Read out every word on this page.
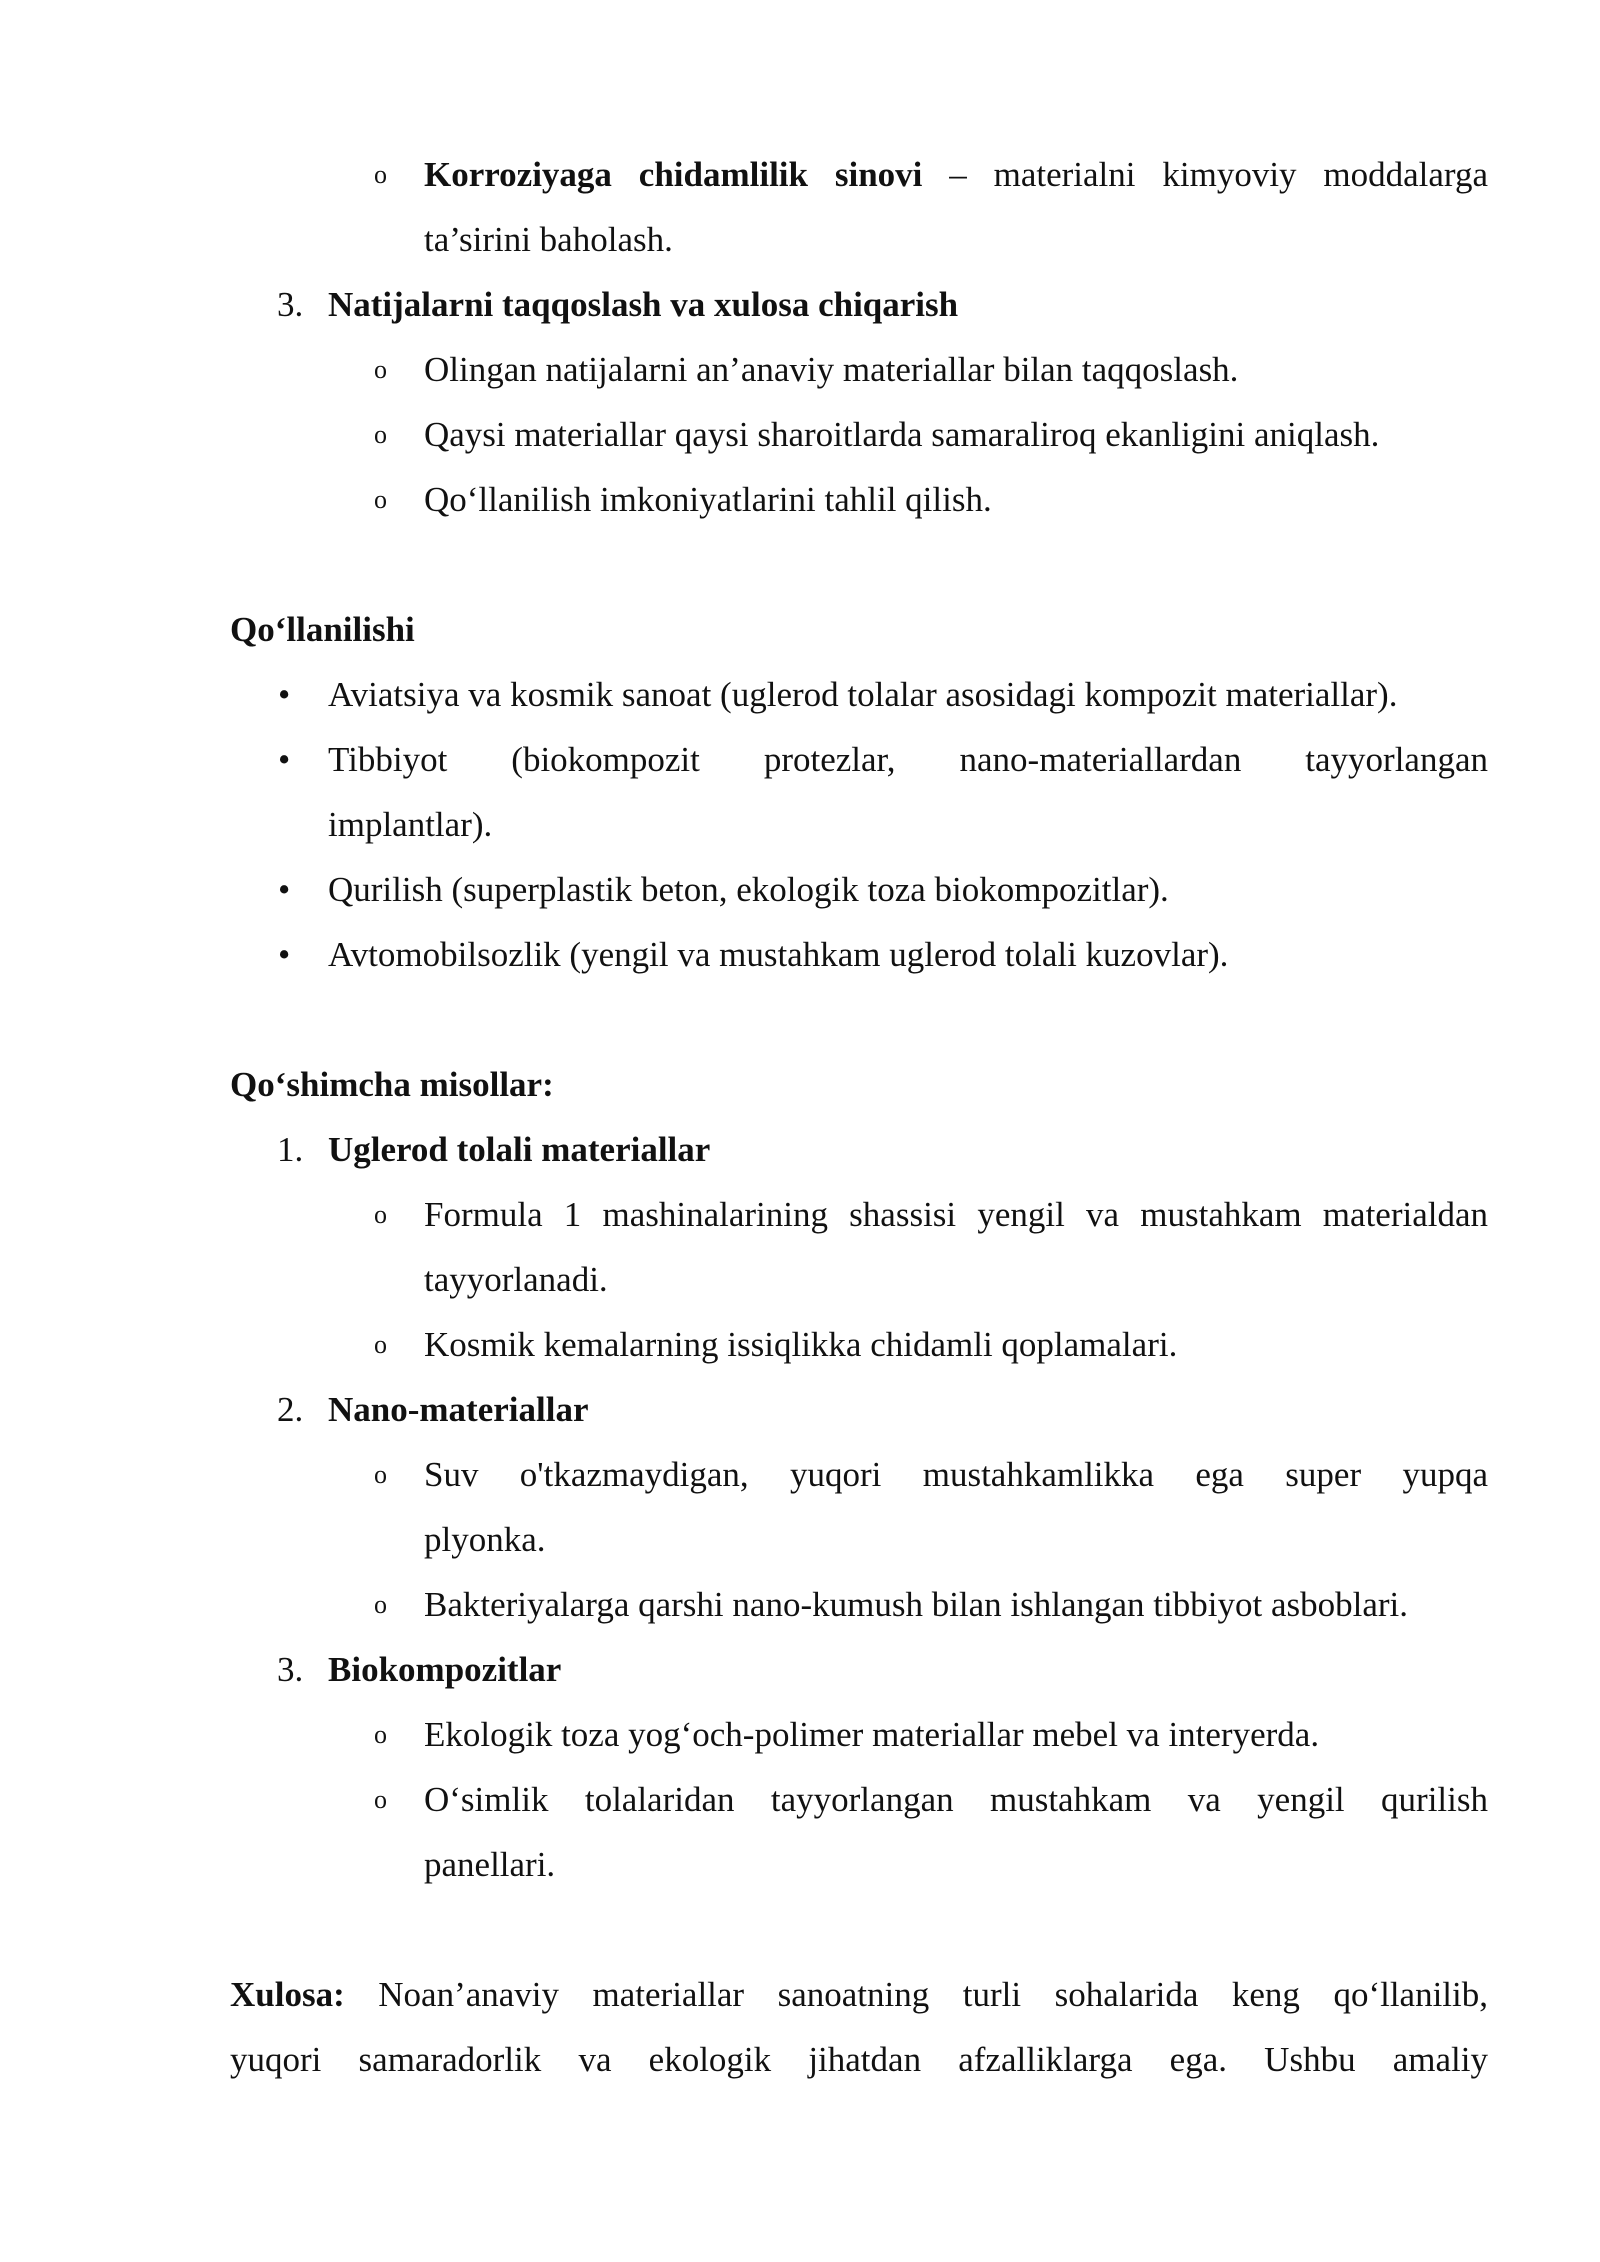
o Korroziyaga chidamlilik sinovi – materialni kimyoviy moddalarga
ta’sirini baholash.
3. Natijalarni taqqoslash va xulosa chiqarish
o Olingan natijalarni an’anaviy materiallar bilan taqqoslash.
o Qaysi materiallar qaysi sharoitlarda samaraliroq ekanligini aniqlash.
o Qo‘llanilish imkoniyatlarini tahlil qilish.
Qo‘llanilishi
• Aviatsiya va kosmik sanoat (uglerod tolalar asosidagi kompozit materiallar).
• Tibbiyot (biokompozit protezlar, nano-materiallardan tayyorlangan
implantlar).
• Qurilish (superplastik beton, ekologik toza biokompozitlar).
• Avtomobilsozlik (yengil va mustahkam uglerod tolali kuzovlar).
Qo‘shimcha misollar:
1. Uglerod tolali materiallar
o Formula 1 mashinalarining shassisi yengil va mustahkam materialdan
tayyorlanadi.
o Kosmik kemalarning issiqlikka chidamli qoplamalari.
2. Nano-materiallar
o Suv o'tkazmaydigan, yuqori mustahkamlikka ega super yupqa
plyonka.
o Bakteriyalarga qarshi nano-kumush bilan ishlangan tibbiyot asboblari.
3. Biokompozitlar
o Ekologik toza yog‘och-polimer materiallar mebel va interyerda.
o O‘simlik tolalaridan tayyorlangan mustahkam va yengil qurilish
panellari.
Xulosa: Noan’anaviy materiallar sanoatning turli sohalarida keng qo‘llanilib,
yuqori samaradorlik va ekologik jihatdan afzalliklarga ega. Ushbu amaliy
